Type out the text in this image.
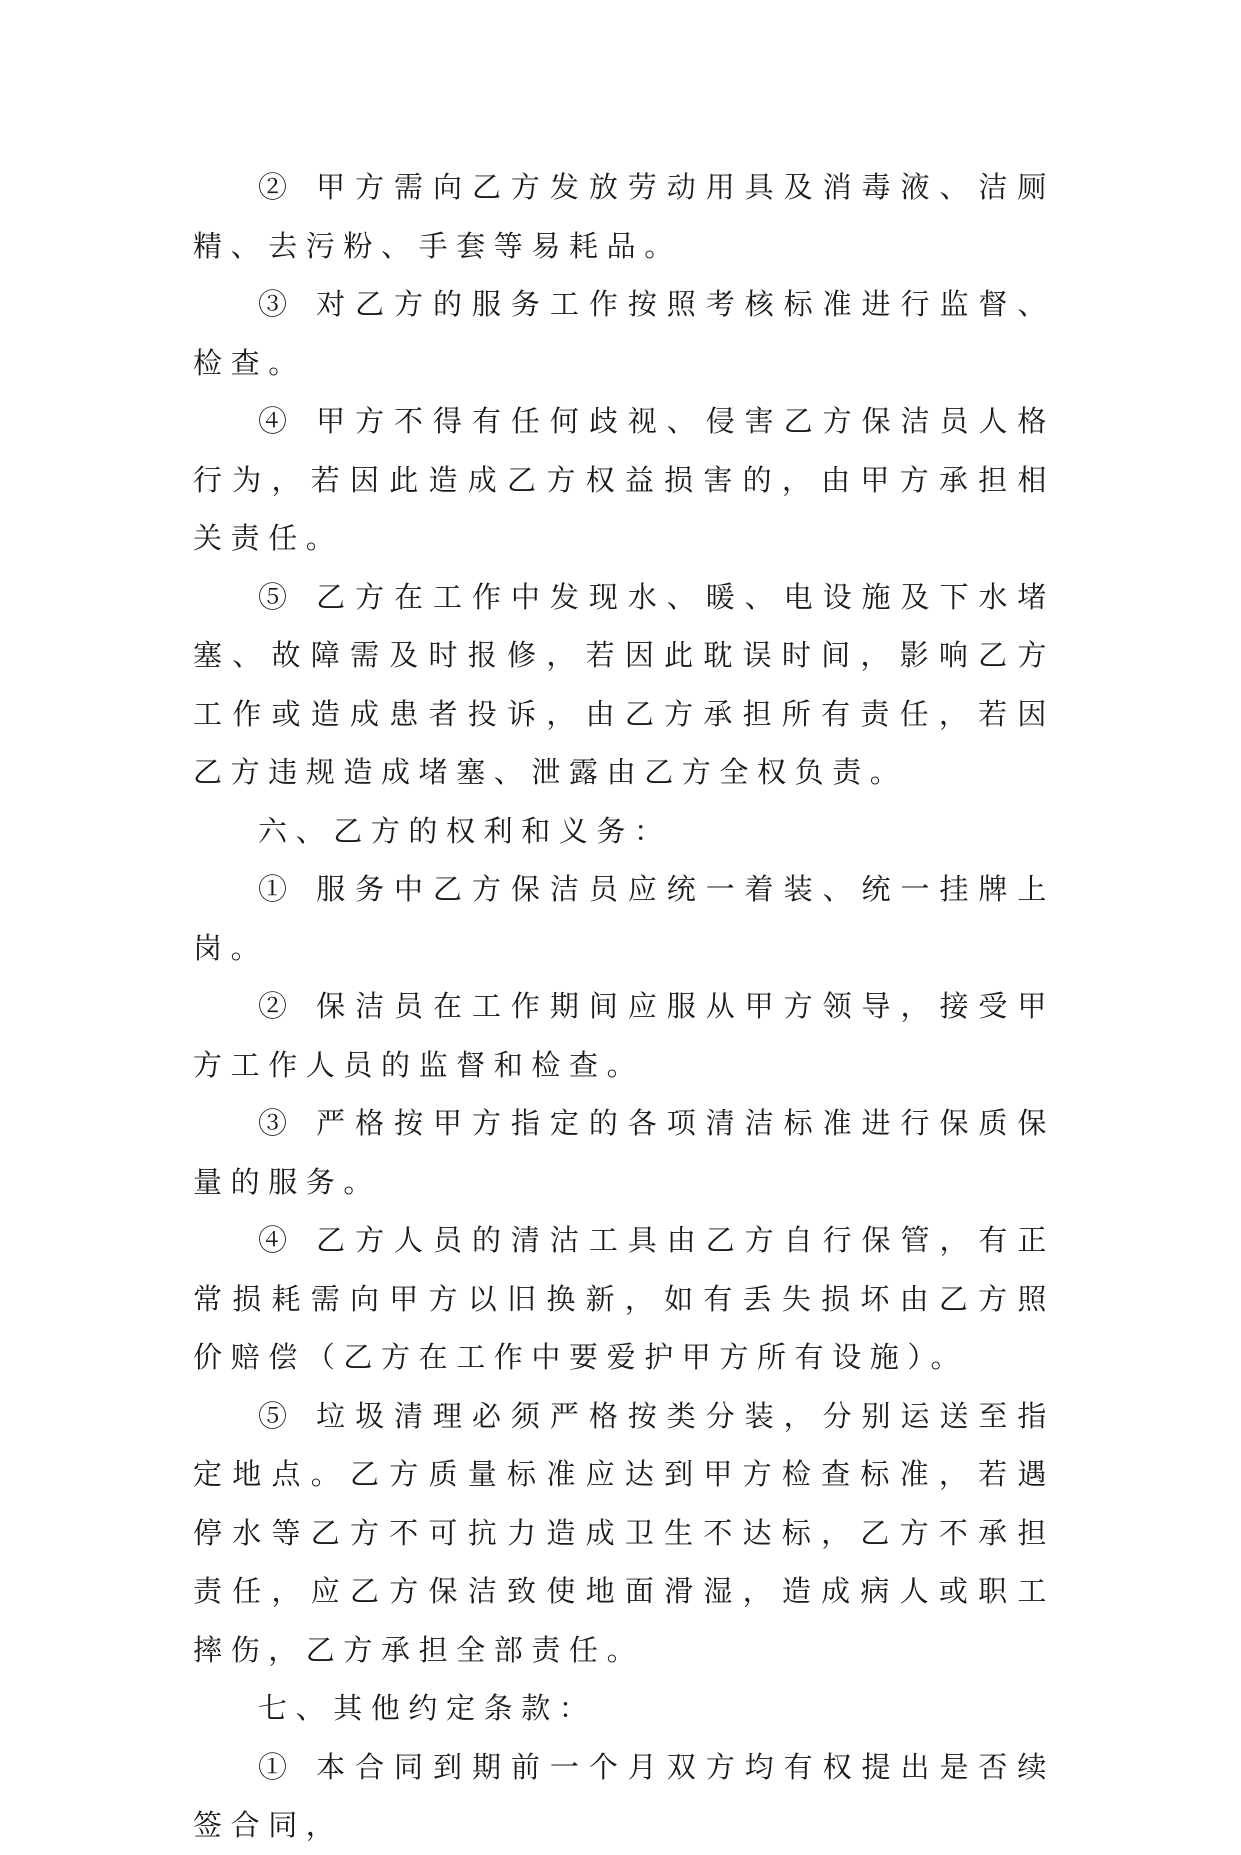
② 甲方需向乙方发放劳动用具及消毒液、洁厕精、去污粉、手套等易耗品。

③ 对乙方的服务工作按照考核标准进行监督、检查。

④ 甲方不得有任何歧视、侵害乙方保洁员人格行为，若因此造成乙方权益损害的，由甲方承担相关责任。

⑤ 乙方在工作中发现水、暖、电设施及下水堵塞、故障需及时报修，若因此耽误时间，影响乙方工作或造成患者投诉，由乙方承担所有责任，若因乙方违规造成堵塞、泄露由乙方全权负责。

六、乙方的权利和义务：

① 服务中乙方保洁员应统一着装、统一挂牌上岗。

② 保洁员在工作期间应服从甲方领导，接受甲方工作人员的监督和检查。

③ 严格按甲方指定的各项清洁标准进行保质保量的服务。

④ 乙方人员的清沽工具由乙方自行保管，有正常损耗需向甲方以旧换新，如有丢失损坏由乙方照价赔偿（乙方在工作中要爱护甲方所有设施）。

⑤ 垃圾清理必须严格按类分装，分别运送至指定地点。乙方质量标准应达到甲方检查标准，若遇停水等乙方不可抗力造成卫生不达标，乙方不承担责任，应乙方保洁致使地面滑湿，造成病人或职工摔伤，乙方承担全部责任。

七、其他约定条款：

① 本合同到期前一个月双方均有权提出是否续签合同，
